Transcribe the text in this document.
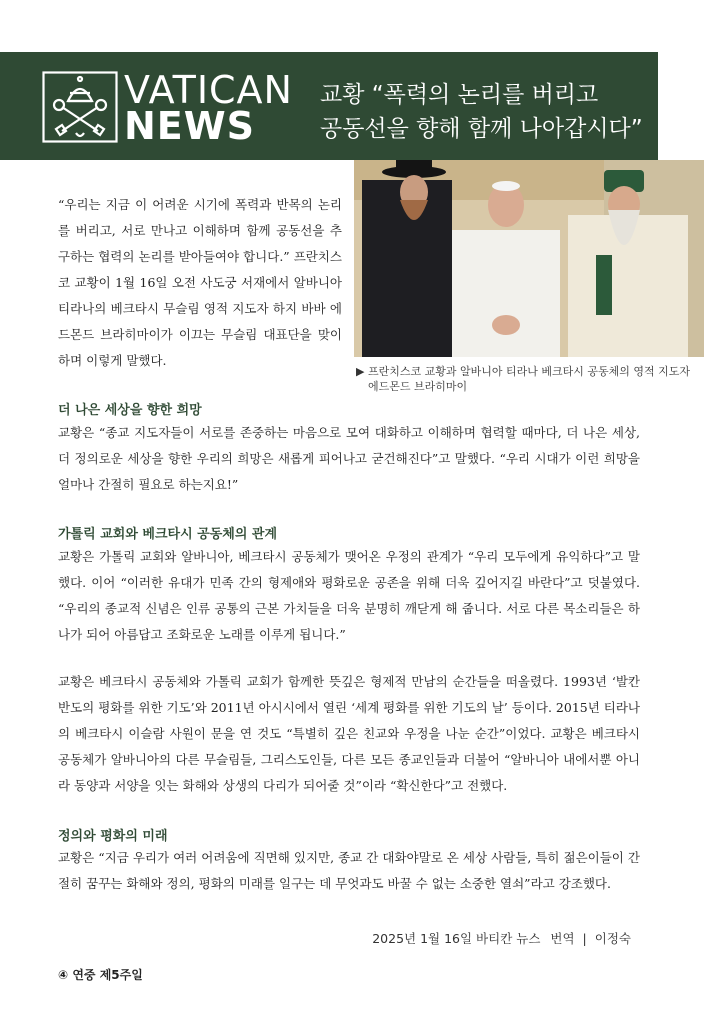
VATICAN
NEWS
교황 “폭력의 논리를 버리고
공동선을 향해 함께 나아갑시다”
▶ 프란치스코 교황과 알바니아 티라나 베크타시 공동체의 영적 지도자
에드몬드 브라히마이
“우리는 지금 이 어려운 시기에 폭력과 반목의 논리를 버리고, 서로 만나고 이해하며 함께 공동선을 추구하는 협력의 논리를 받아들여야 합니다.” 프란치스코 교황이 1월 16일 오전 사도궁 서재에서 알바니아 티라나의 베크타시 무슬림 영적 지도자 하지 바바 에드몬드 브라히마이가 이끄는 무슬림 대표단을 맞이하며 이렇게 말했다.
더 나은 세상을 향한 희망
교황은 “종교 지도자들이 서로를 존중하는 마음으로 모여 대화하고 이해하며 협력할 때마다, 더 나은 세상, 더 정의로운 세상을 향한 우리의 희망은 새롭게 피어나고 굳건해진다”고 말했다. “우리 시대가 이런 희망을 얼마나 간절히 필요로 하는지요!”
가톨릭 교회와 베크타시 공동체의 관계
교황은 가톨릭 교회와 알바니아, 베크타시 공동체가 맺어온 우정의 관계가 “우리 모두에게 유익하다”고 말했다. 이어 “이러한 유대가 민족 간의 형제애와 평화로운 공존을 위해 더욱 깊어지길 바란다”고 덧붙였다. “우리의 종교적 신념은 인류 공통의 근본 가치들을 더욱 분명히 깨닫게 해 줍니다. 서로 다른 목소리들은 하나가 되어 아름답고 조화로운 노래를 이루게 됩니다.”
교황은 베크타시 공동체와 가톨릭 교회가 함께한 뜻깊은 형제적 만남의 순간들을 떠올렸다. 1993년 ‘발칸반도의 평화를 위한 기도’와 2011년 아시시에서 열린 ‘세계 평화를 위한 기도의 날’ 등이다. 2015년 티라나의 베크타시 이슬람 사원이 문을 연 것도 “특별히 깊은 친교와 우정을 나눈 순간”이었다. 교황은 베크타시 공동체가 알바니아의 다른 무슬림들, 그리스도인들, 다른 모든 종교인들과 더불어 “알바니아 내에서뿐 아니라 동양과 서양을 잇는 화해와 상생의 다리가 되어줄 것”이라 “확신한다”고 전했다.
정의와 평화의 미래
교황은 “지금 우리가 여러 어려움에 직면해 있지만, 종교 간 대화야말로 온 세상 사람들, 특히 젊은이들이 간절히 꿈꾸는 화해와 정의, 평화의 미래를 일구는 데 무엇과도 바꿀 수 없는 소중한 열쇠”라고 강조했다.
2025년 1월 16일 바티칸 뉴스 번역 | 이정숙
④ 연중 제5주일
